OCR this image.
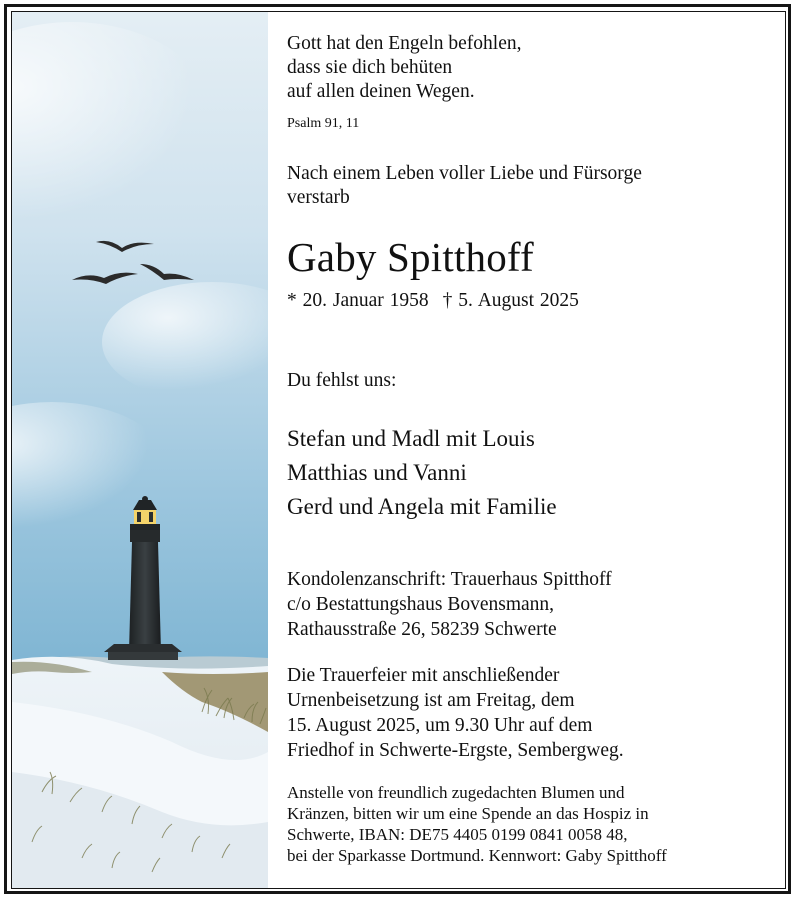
Gott hat den Engeln befohlen,

dass sie dich behüten

auf allen deinen Wegen.

Psalm 91, 11

Nach einem Leben voller Liebe und Fürsorge

verstarb

Gaby Spitthoff

* 20. Januar 1958 † 5. August 2025

Du fehlst uns:

Stefan und Madl mit Louis

Matthias und Vanni

Gerd und Angela mit Familie

Kondolenzanschrift: Trauerhaus Spitthoff

c/o Bestattungshaus Bovensmann,

Rathausstraße 26, 58239 Schwerte

Die Trauerfeier mit anschließender

Urnenbeisetzung ist am Freitag, dem

15. August 2025, um 9.30 Uhr auf dem

Friedhof in Schwerte-Ergste, Sembergweg.

Anstelle von freundlich zugedachten Blumen und

Kränzen, bitten wir um eine Spende an das Hospiz in

Schwerte, IBAN: DE75 4405 0199 0841 0058 48,

bei der Sparkasse Dortmund. Kennwort: Gaby Spitthoff
